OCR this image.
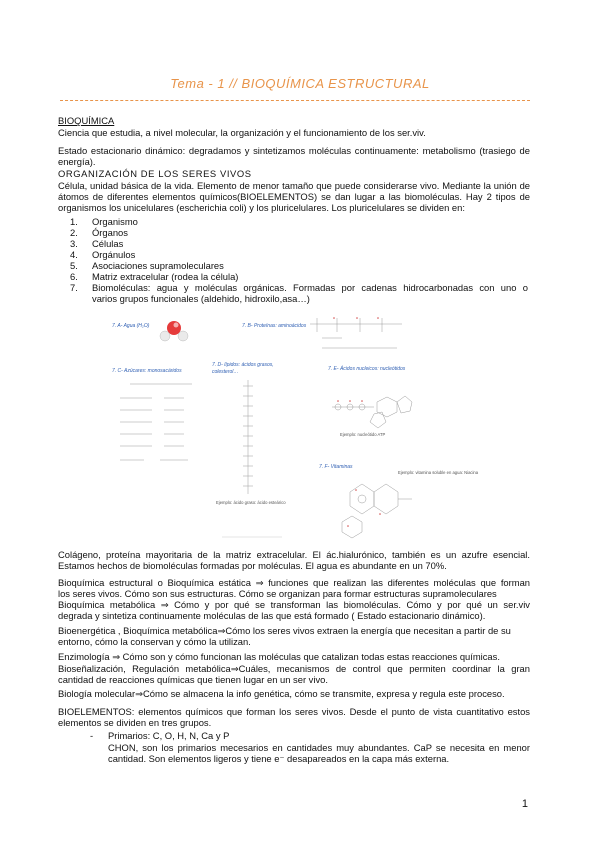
Tema - 1 // BIOQUÍMICA ESTRUCTURAL
BIOQUÍMICA
Ciencia que estudia, a nivel molecular, la organización y el funcionamiento de los ser.viv.
Estado estacionario dinámico: degradamos y sintetizamos moléculas continuamente: metabolismo (trasiego de
energía).
ORGANIZACIÓN DE LOS SERES VIVOS
Célula, unidad básica de la vida. Elemento de menor tamaño que puede considerarse vivo. Mediante la unión de
átomos de diferentes elementos químicos(BIOELEMENTOS) se dan lugar a las biomoléculas. Hay 2 tipos de
organismos los unicelulares (escherichia coli) y los pluricelulares. Los pluricelulares se dividen en:
1. Organismo
2. Órganos
3. Células
4. Orgánulos
5. Asociaciones supramoleculares
6. Matriz extracelular (rodea la célula)
7. Biomoléculas: agua y moléculas orgánicas. Formadas por cadenas hidrocarbonadas con uno o
varios grupos funcionales (aldehido, hidroxilo,asa…)
7. A- Agua (H₂O)	7. B- Proteínas: aminoácidos
7. C- Azúcares: monosacáridos
7. D- lípidos: ácidos grasos,
colesterol…
Ejemplo: ácido graso: ácido esteárico
7. E- Ácidos nucleicos: nucleótidos
Ejemplo: nucleótido ATP
7. F- Vitaminas
Ejemplo: vitamina soluble en agua: Niacina
Colágeno, proteína mayoritaria de la matriz extracelular. El ác.hialurónico, también es un azufre esencial.
Estamos hechos de biomoléculas formadas por moléculas. El agua es abundante en un 70%.
Bioquímica estructural o Bioquímica estática ⇒ funciones que realizan las diferentes moléculas que forman
los seres vivos. Cómo son sus estructuras. Cómo se organizan para formar estructuras supramoleculares
Bioquímica metabólica ⇒ Cómo y por qué se transforman las biomoléculas. Cómo y por qué un ser.viv
degrada y sintetiza continuamente moléculas de las que está formado ( Estado estacionario dinámico).
Bioenergética , Bioquímica metabólica⇒Cómo los seres vivos extraen la energía que necesitan a partir de su
entorno, cómo la conservan y cómo la utilizan.
Enzimología ⇒ Cómo son y cómo funcionan las moléculas que catalizan todas estas reacciones químicas.
Bioseñalización, Regulación metabólica⇒Cuáles, mecanismos de control que permiten coordinar la gran
cantidad de reacciones químicas que tienen lugar en un ser vivo.
Biología molecular⇒Cómo se almacena la info genética, cómo se transmite, expresa y regula este proceso.
BIOELEMENTOS: elementos químicos que forman los seres vivos. Desde el punto de vista cuantitativo estos
elementos se dividen en tres grupos.
- Primarios: C, O, H, N, Ca y P
CHON, son los primarios mecesarios en cantidades muy abundantes. CaP se necesita en menor
cantidad. Son elementos ligeros y tiene e⁻ desapareados en la capa más externa.
1
